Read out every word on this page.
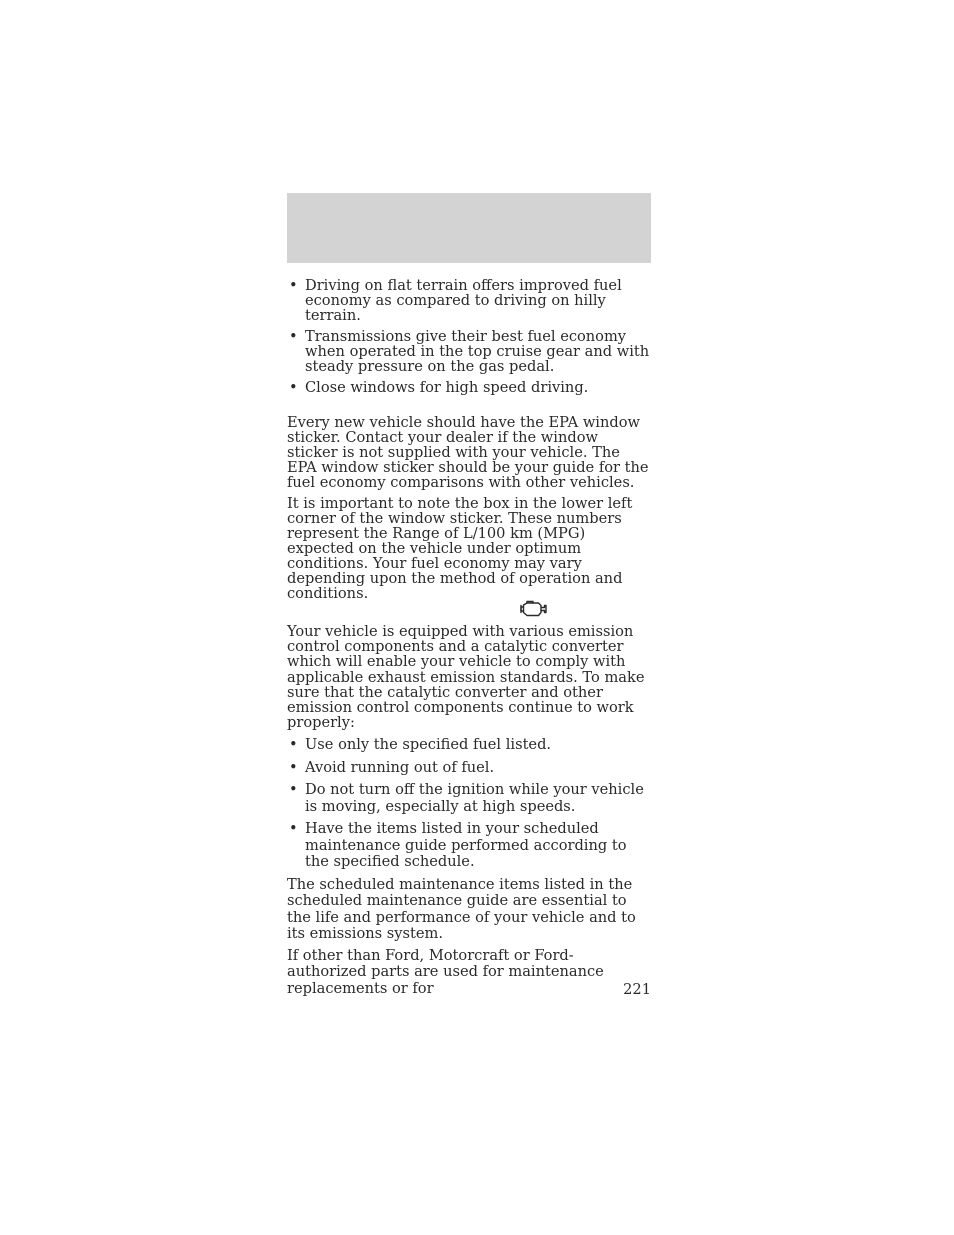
• Driving on flat terrain offers improved fuel economy as compared to driving on hilly terrain.
• Transmissions give their best fuel economy when operated in the top cruise gear and with steady pressure on the gas pedal.
• Close windows for high speed driving.

Every new vehicle should have the EPA window sticker. Contact your dealer if the window sticker is not supplied with your vehicle. The EPA window sticker should be your guide for the fuel economy comparisons with other vehicles.

It is important to note the box in the lower left corner of the window sticker. These numbers represent the Range of L/100 km (MPG) expected on the vehicle under optimum conditions. Your fuel economy may vary depending upon the method of operation and conditions.

Your vehicle is equipped with various emission control components and a catalytic converter which will enable your vehicle to comply with applicable exhaust emission standards. To make sure that the catalytic converter and other emission control components continue to work properly:

• Use only the specified fuel listed.
• Avoid running out of fuel.
• Do not turn off the ignition while your vehicle is moving, especially at high speeds.
• Have the items listed in your scheduled maintenance guide performed according to the specified schedule.

The scheduled maintenance items listed in the scheduled maintenance guide are essential to the life and performance of your vehicle and to its emissions system.

If other than Ford, Motorcraft or Ford-authorized parts are used for maintenance replacements or for	221
